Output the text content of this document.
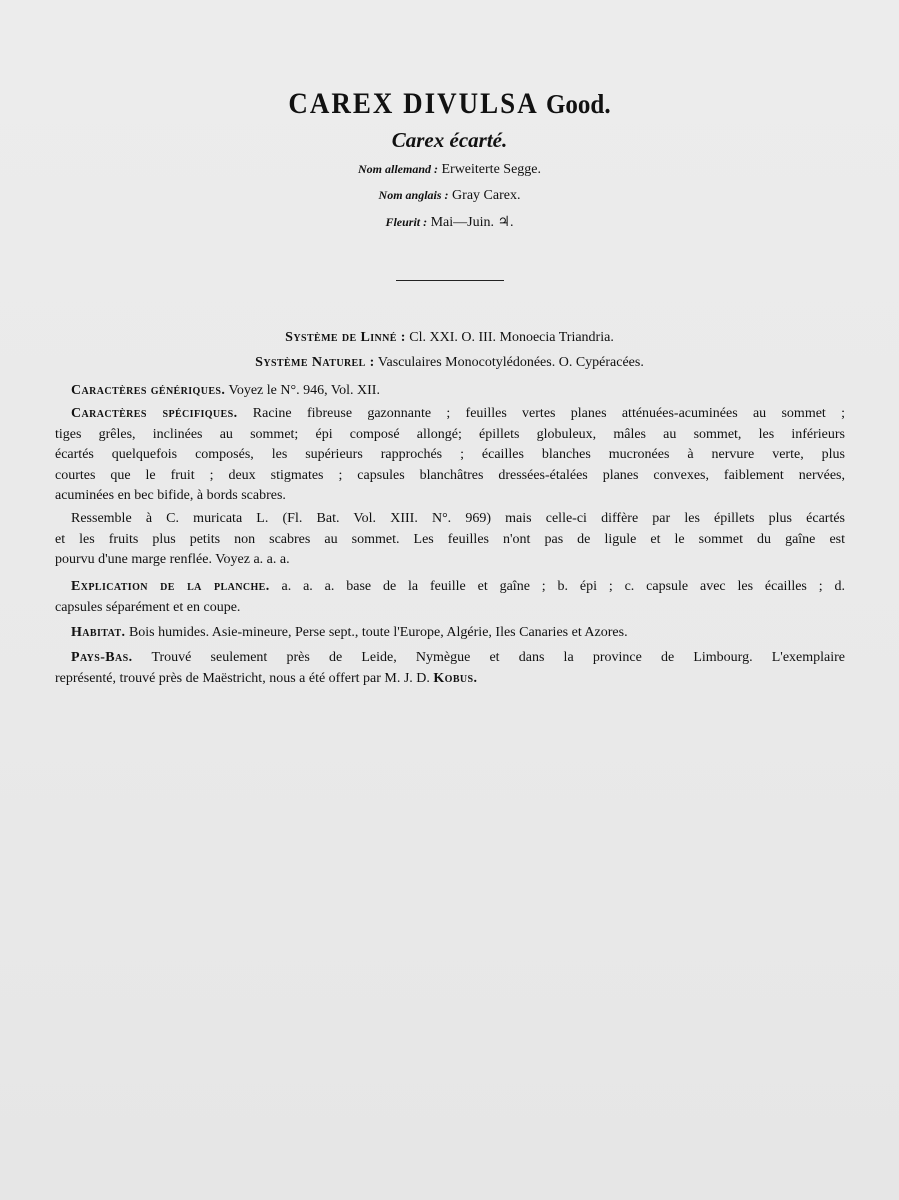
CAREX DIVULSA Good.
Carex écarté.
Nom allemand : Erweiterte Segge.
Nom anglais : Gray Carex.
Fleurit : Mai—Juin. ♃.
Système de Linné : Cl. XXI. O. III. Monoecia Triandria.
Système Naturel : Vasculaires Monocotylédonées. O. Cypéracées.
Caractères génériques. Voyez le N°. 946, Vol. XII.
Caractères spécifiques. Racine fibreuse gazonnante ; feuilles vertes planes atténuées-acuminées au sommet ;
tiges grêles, inclinées au sommet; épi composé allongé; épillets globuleux, mâles au sommet, les inférieurs
écartés quelquefois composés, les supérieurs rapprochés ; écailles blanches mucronées à nervure verte, plus
courtes que le fruit ; deux stigmates ; capsules blanchâtres dressées-étalées planes convexes, faiblement nervées,
acuminées en bec bifide, à bords scabres.
Ressemble à C. muricata L. (Fl. Bat. Vol. XIII. N°. 969) mais celle-ci diffère par les épillets plus écartés
et les fruits plus petits non scabres au sommet. Les feuilles n'ont pas de ligule et le sommet du gaîne est
pourvu d'une marge renflée. Voyez a. a. a.
Explication de la planche. a. a. a. base de la feuille et gaîne ; b. épi ; c. capsule avec les écailles ; d.
capsules séparément et en coupe.
Habitat. Bois humides. Asie-mineure, Perse sept., toute l'Europe, Algérie, Iles Canaries et Azores.
Pays-Bas. Trouvé seulement près de Leide, Nymègue et dans la province de Limbourg. L'exemplaire
représenté, trouvé près de Maëstricht, nous a été offert par M. J. D. Kobus.
